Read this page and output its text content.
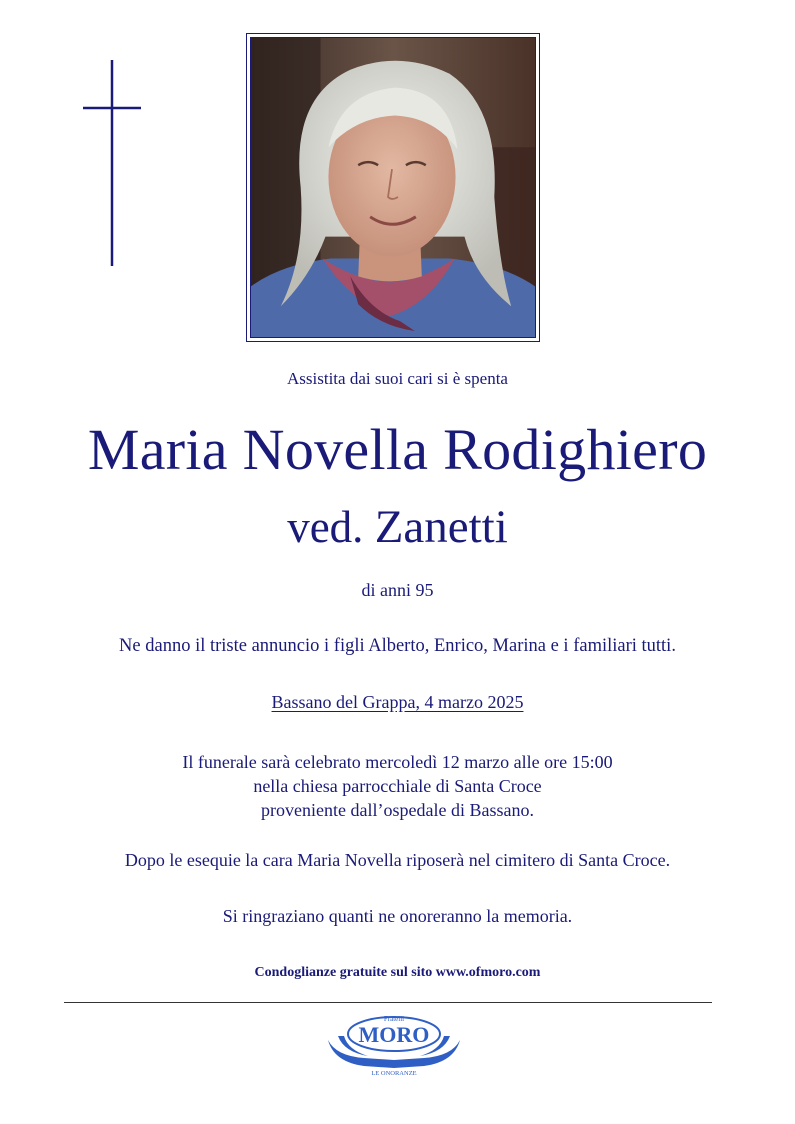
Assistita dai suoi cari si è spenta
Maria Novella Rodighiero
ved. Zanetti
di anni 95
Ne danno il triste annuncio i figli Alberto, Enrico, Marina e i familiari tutti.
Bassano del Grappa, 4 marzo 2025
Il funerale sarà celebrato mercoledì 12 marzo alle ore 15:00
nella chiesa parrocchiale di Santa Croce
proveniente dall’ospedale di Bassano.
Dopo le esequie la cara Maria Novella riposerà nel cimitero di Santa Croce.
Si ringraziano quanti ne onoreranno la memoria.
Condoglianze gratuite sul sito www.ofmoro.com
Fratelli
MORO
LE ONORANZE
